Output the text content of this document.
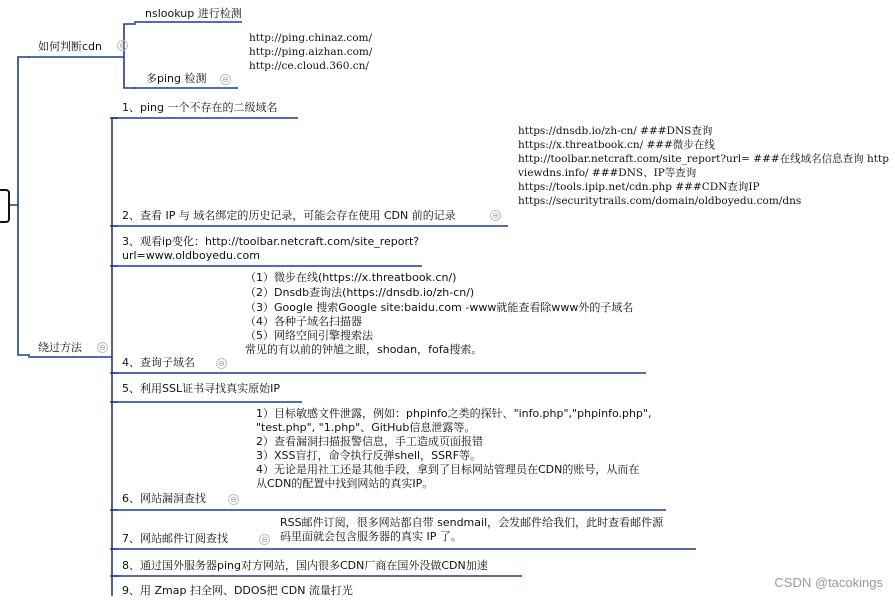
如何判断cdn ⊖
nslookup 进行检测
http://ping.chinaz.com/
http://ping.aizhan.com/
http://ce.cloud.360.cn/
多ping 检测 ⊖
绕过方法 ⊖
1、ping 一个不存在的二级域名
https://dnsdb.io/zh-cn/ ###DNS查询
https://x.threatbook.cn/ ###微步在线
http://toolbar.netcraft.com/site_report?url= ###在线域名信息查询 http
viewdns.info/ ###DNS、IP等查询
https://tools.ipip.net/cdn.php ###CDN查询IP
https://securitytrails.com/domain/oldboyedu.com/dns
2、查看 IP 与 域名绑定的历史记录，可能会存在使用 CDN 前的记录	⊖
3、观看ip变化：http://toolbar.netcraft.com/site_report?
url=www.oldboyedu.com
（1）微步在线(https://x.threatbook.cn/)
（2）Dnsdb查询法(https://dnsdb.io/zh-cn/)
（3）Google 搜索Google site:baidu.com -www就能查看除www外的子域名
（4）各种子域名扫描器
（5）网络空间引擎搜索法
常见的有以前的钟馗之眼，shodan，fofa搜索。
4、查询子域名	⊖
5、利用SSL证书寻找真实原始IP
1）目标敏感文件泄露，例如：phpinfo之类的探针、"info.php","phpinfo.php",
"test.php", "1.php"、GitHub信息泄露等。
2）查看漏洞扫描报警信息，手工造成页面报错
3）XSS盲打，命令执行反弹shell，SSRF等。
4）无论是用社工还是其他手段，拿到了目标网站管理员在CDN的账号，从而在
从CDN的配置中找到网站的真实IP。
6、网站漏洞查找	⊖
RSS邮件订阅，很多网站都自带 sendmail，会发邮件给我们，此时查看邮件源
码里面就会包含服务器的真实 IP 了。
7、网站邮件订阅查找	⊖
8、通过国外服务器ping对方网站，国内很多CDN厂商在国外没做CDN加速
9、用 Zmap 扫全网、DDOS把 CDN 流量打光
CSDN @tacokings
